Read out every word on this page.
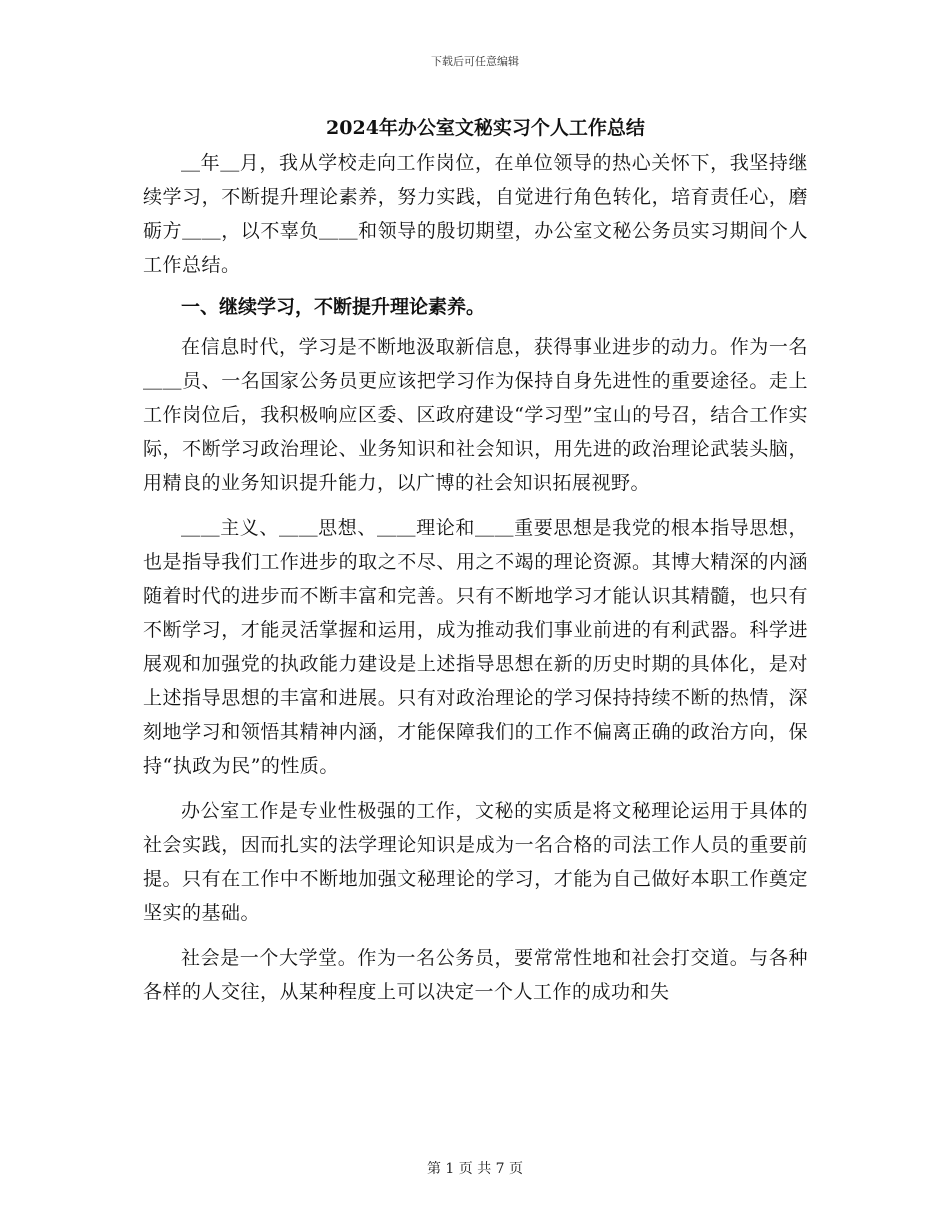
下载后可任意编辑

2024年办公室文秘实习个人工作总结

＿年＿月，我从学校走向工作岗位，在单位领导的热心关怀下，我坚持继续学习，不断提升理论素养，努力实践，自觉进行角色转化，培育责任心，磨砺方＿＿，以不辜负＿＿和领导的殷切期望，办公室文秘公务员实习期间个人工作总结。

一、继续学习，不断提升理论素养。

在信息时代，学习是不断地汲取新信息，获得事业进步的动力。作为一名＿＿员、一名国家公务员更应该把学习作为保持自身先进性的重要途径。走上工作岗位后，我积极响应区委、区政府建设“学习型”宝山的号召，结合工作实际，不断学习政治理论、业务知识和社会知识，用先进的政治理论武装头脑，用精良的业务知识提升能力，以广博的社会知识拓展视野。

＿＿主义、＿＿思想、＿＿理论和＿＿重要思想是我党的根本指导思想，也是指导我们工作进步的取之不尽、用之不竭的理论资源。其博大精深的内涵随着时代的进步而不断丰富和完善。只有不断地学习才能认识其精髓，也只有不断学习，才能灵活掌握和运用，成为推动我们事业前进的有利武器。科学进展观和加强党的执政能力建设是上述指导思想在新的历史时期的具体化，是对上述指导思想的丰富和进展。只有对政治理论的学习保持持续不断的热情，深刻地学习和领悟其精神内涵，才能保障我们的工作不偏离正确的政治方向，保持“执政为民”的性质。

办公室工作是专业性极强的工作，文秘的实质是将文秘理论运用于具体的社会实践，因而扎实的法学理论知识是成为一名合格的司法工作人员的重要前提。只有在工作中不断地加强文秘理论的学习，才能为自己做好本职工作奠定坚实的基础。

社会是一个大学堂。作为一名公务员，要常常性地和社会打交道。与各种各样的人交往，从某种程度上可以决定一个人工作的成功和失

第 1 页 共 7 页
